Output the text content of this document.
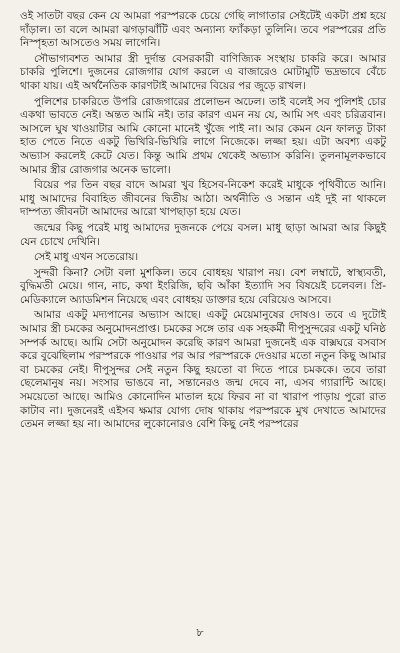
ওই সাতটা বছর কেন যে আমরা পরস্পরকে চেয়ে গেছি লাগাতার সেইটেই একটা প্রশ্ন হয়ে দাঁড়াল। তা বলে আমরা ঝগড়াঝাঁটি এবং অন্যান্য ফ্যাঁকড়া তুলিনি। তবে পরস্পরের প্রতি নিস্পৃহতা আসতেও সময় লাগেনি।

সৌভাগ্যবশত আমার স্ত্রী দুর্দান্ত বেসরকারী বাণিজ্যিক সংস্থায় চাকরি করে। আমার চাকরি পুলিশে। দুজনের রোজগার যোগ করলে এ বাজারেও মোটামুটি ভদ্রভাবে বেঁচে থাকা যায়। এই অর্থনৈতিক কারণটাই আমাদের বিয়ের পর জুড়ে রাখল।

পুলিশের চাকরিতে উপরি রোজগারের প্রলোভন অঢেল। তাই বলেই সব পুলিশই চোর একথা ভাবতে নেই। অন্তত আমি নই। তার কারণ এমন নয় যে, আমি সৎ এবং চরিত্রবান। আসলে ঘুষ খাওয়াটার আমি কোনো মানেই খুঁজে পাই না। আর কেমন যেন ফালতু টাকা হাত পেতে নিতে একটু ভিখিরি-ভিখিরি লাগে নিজেকে। লজ্জা হয়। এটা অবশ্য একটু অভ্যাস করলেই কেটে যেত। কিন্তু আমি প্রথম থেকেই অভ্যাস করিনি। তুলনামূলকভাবে আমার স্ত্রীর রোজগার অনেক ভালো।

বিয়ের পর তিন বছর বাদে আমরা খুব হিসেব-নিকেশ করেই মাধুকে পৃথিবীতে আনি। মাধু আমাদের বিবাহিত জীবনের দ্বিতীয় আঠা। অর্থনীতি ও সন্তান এই দুই না থাকলে দাম্পত্য জীবনটা আমাদের আরো খাপছাড়া হয়ে যেত।

জন্মের কিছু পরেই মাধু আমাদের দুজনকে পেয়ে বসল। মাধু ছাড়া আমরা আর কিছুই যেন চোখে দেখিনি।

সেই মাধু এখন সতেরোয়।

সুন্দরী কিনা? সেটা বলা মুশকিল। তবে বোধহয় খারাপ নয়। বেশ লম্বাটে, স্বাস্থ্যবতী, বুদ্ধিমতী মেয়ে। গান, নাচ, কথা ইংরিজি, ছবি আঁকা ইত্যাদি সব বিষয়েই চলেবল। প্রি-মেডিক্যালে অ্যাডমিশন নিয়েছে এবং বোধহয় ডাক্তার হয়ে বেরিয়েও আসবে।

আমার একটু মদ্যপানের অভ্যাস আছে। একটু মেয়েমানুষের দোষও। তবে এ দুটোই আমার স্ত্রী চমকের অনুমোদনপ্রাপ্ত। চমকের সঙ্গে তার এক সহকর্মী দীপুসুন্দরের একটু ঘনিষ্ঠ সম্পর্ক আছে। আমি সেটা অনুমোদন করেছি কারণ আমরা দুজনেই এক বাক্সঘরে বসবাস করে বুঝেছিলাম পরস্পরকে পাওয়ার পর আর পরস্পরকে দেওয়ার মতো নতুন কিছু আমার বা চমকের নেই। দীপুসুন্দর সেই নতুন কিছু হয়তো বা দিতে পারে চমককে। তবে তারা ছেলেমানুষ নয়। সংসার ভাঙবে না, সন্তানেরও জন্ম দেবে না, এসব গ্যারান্টি আছে। সময়েতো আছে। আমিও কোনোদিন মাতাল হয়ে ফিরব না বা খারাপ পাড়ায় পুরো রাত কাটাব না। দুজনেরই এইসব ক্ষমার যোগ্য দোষ থাকায় পরস্পরকে মুখ দেখাতে আমাদের তেমন লজ্জা হয় না। আমাদের লুকোনোরও বেশি কিছু নেই পরস্পরের

৮
